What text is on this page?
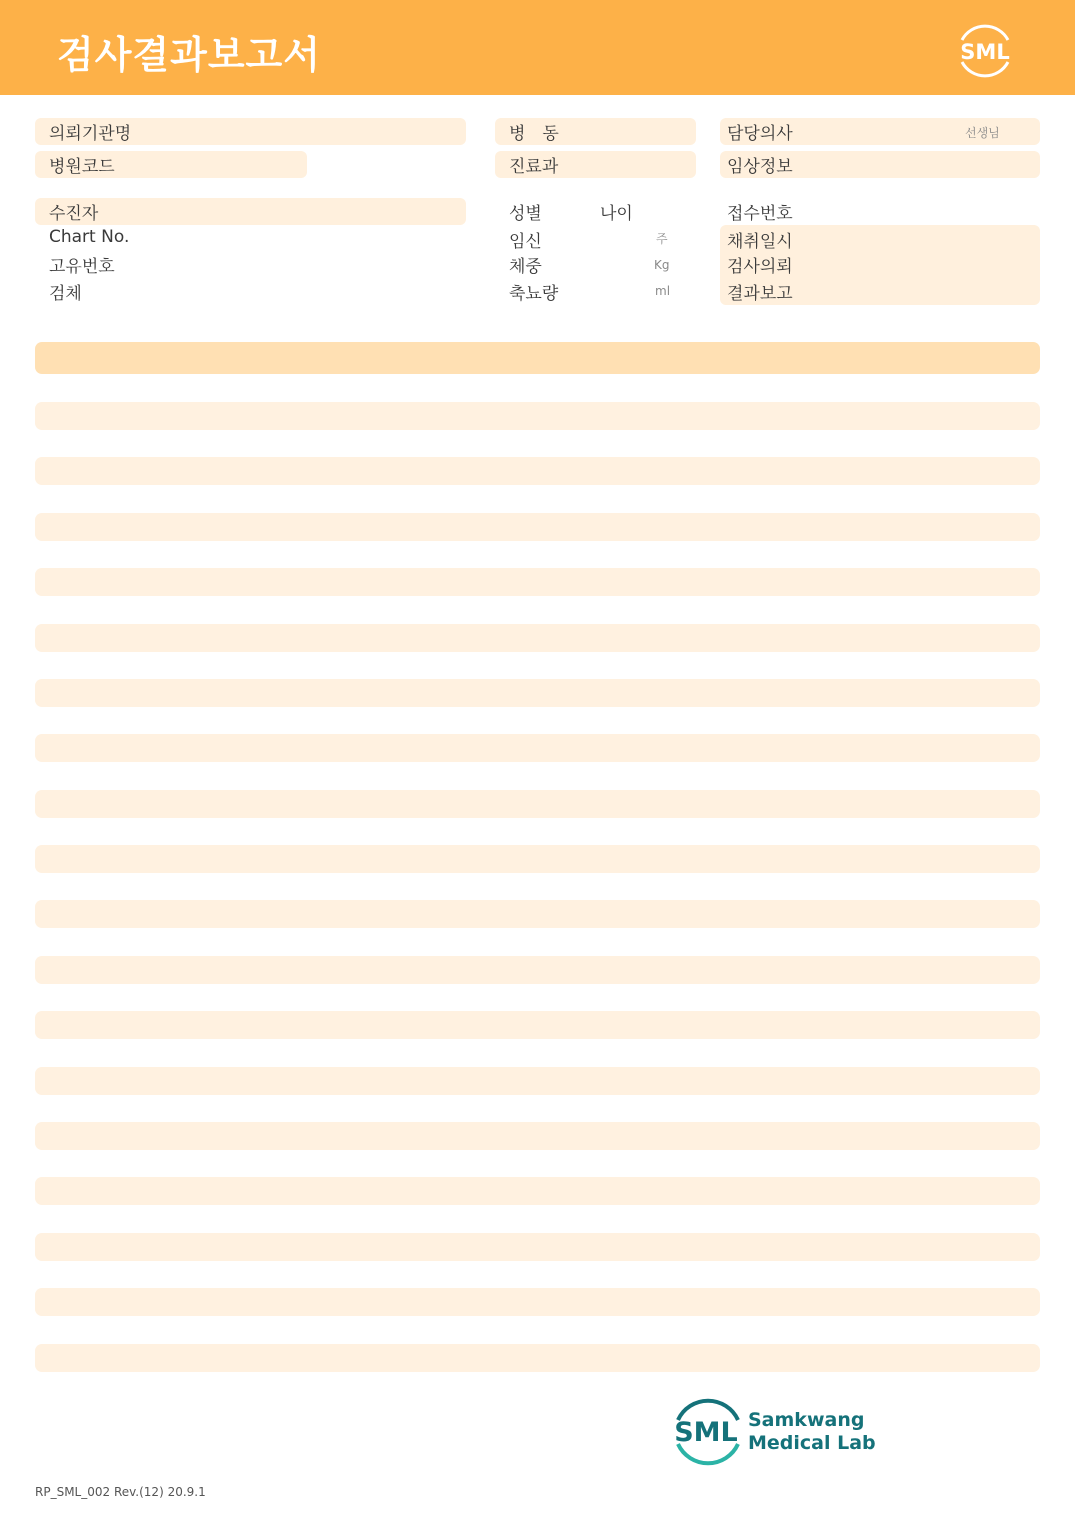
검사결과보고서	SML
의뢰기관명
병원코드
수진자
Chart No.
고유번호
검체
병　동
진료과
성별	나이
임신	주
체중	Kg
축뇨량	ml
담당의사	선생님
임상정보
접수번호
채취일시
검사의뢰
결과보고
SML Samkwang
Medical Lab
RP_SML_002 Rev.(12) 20.9.1
